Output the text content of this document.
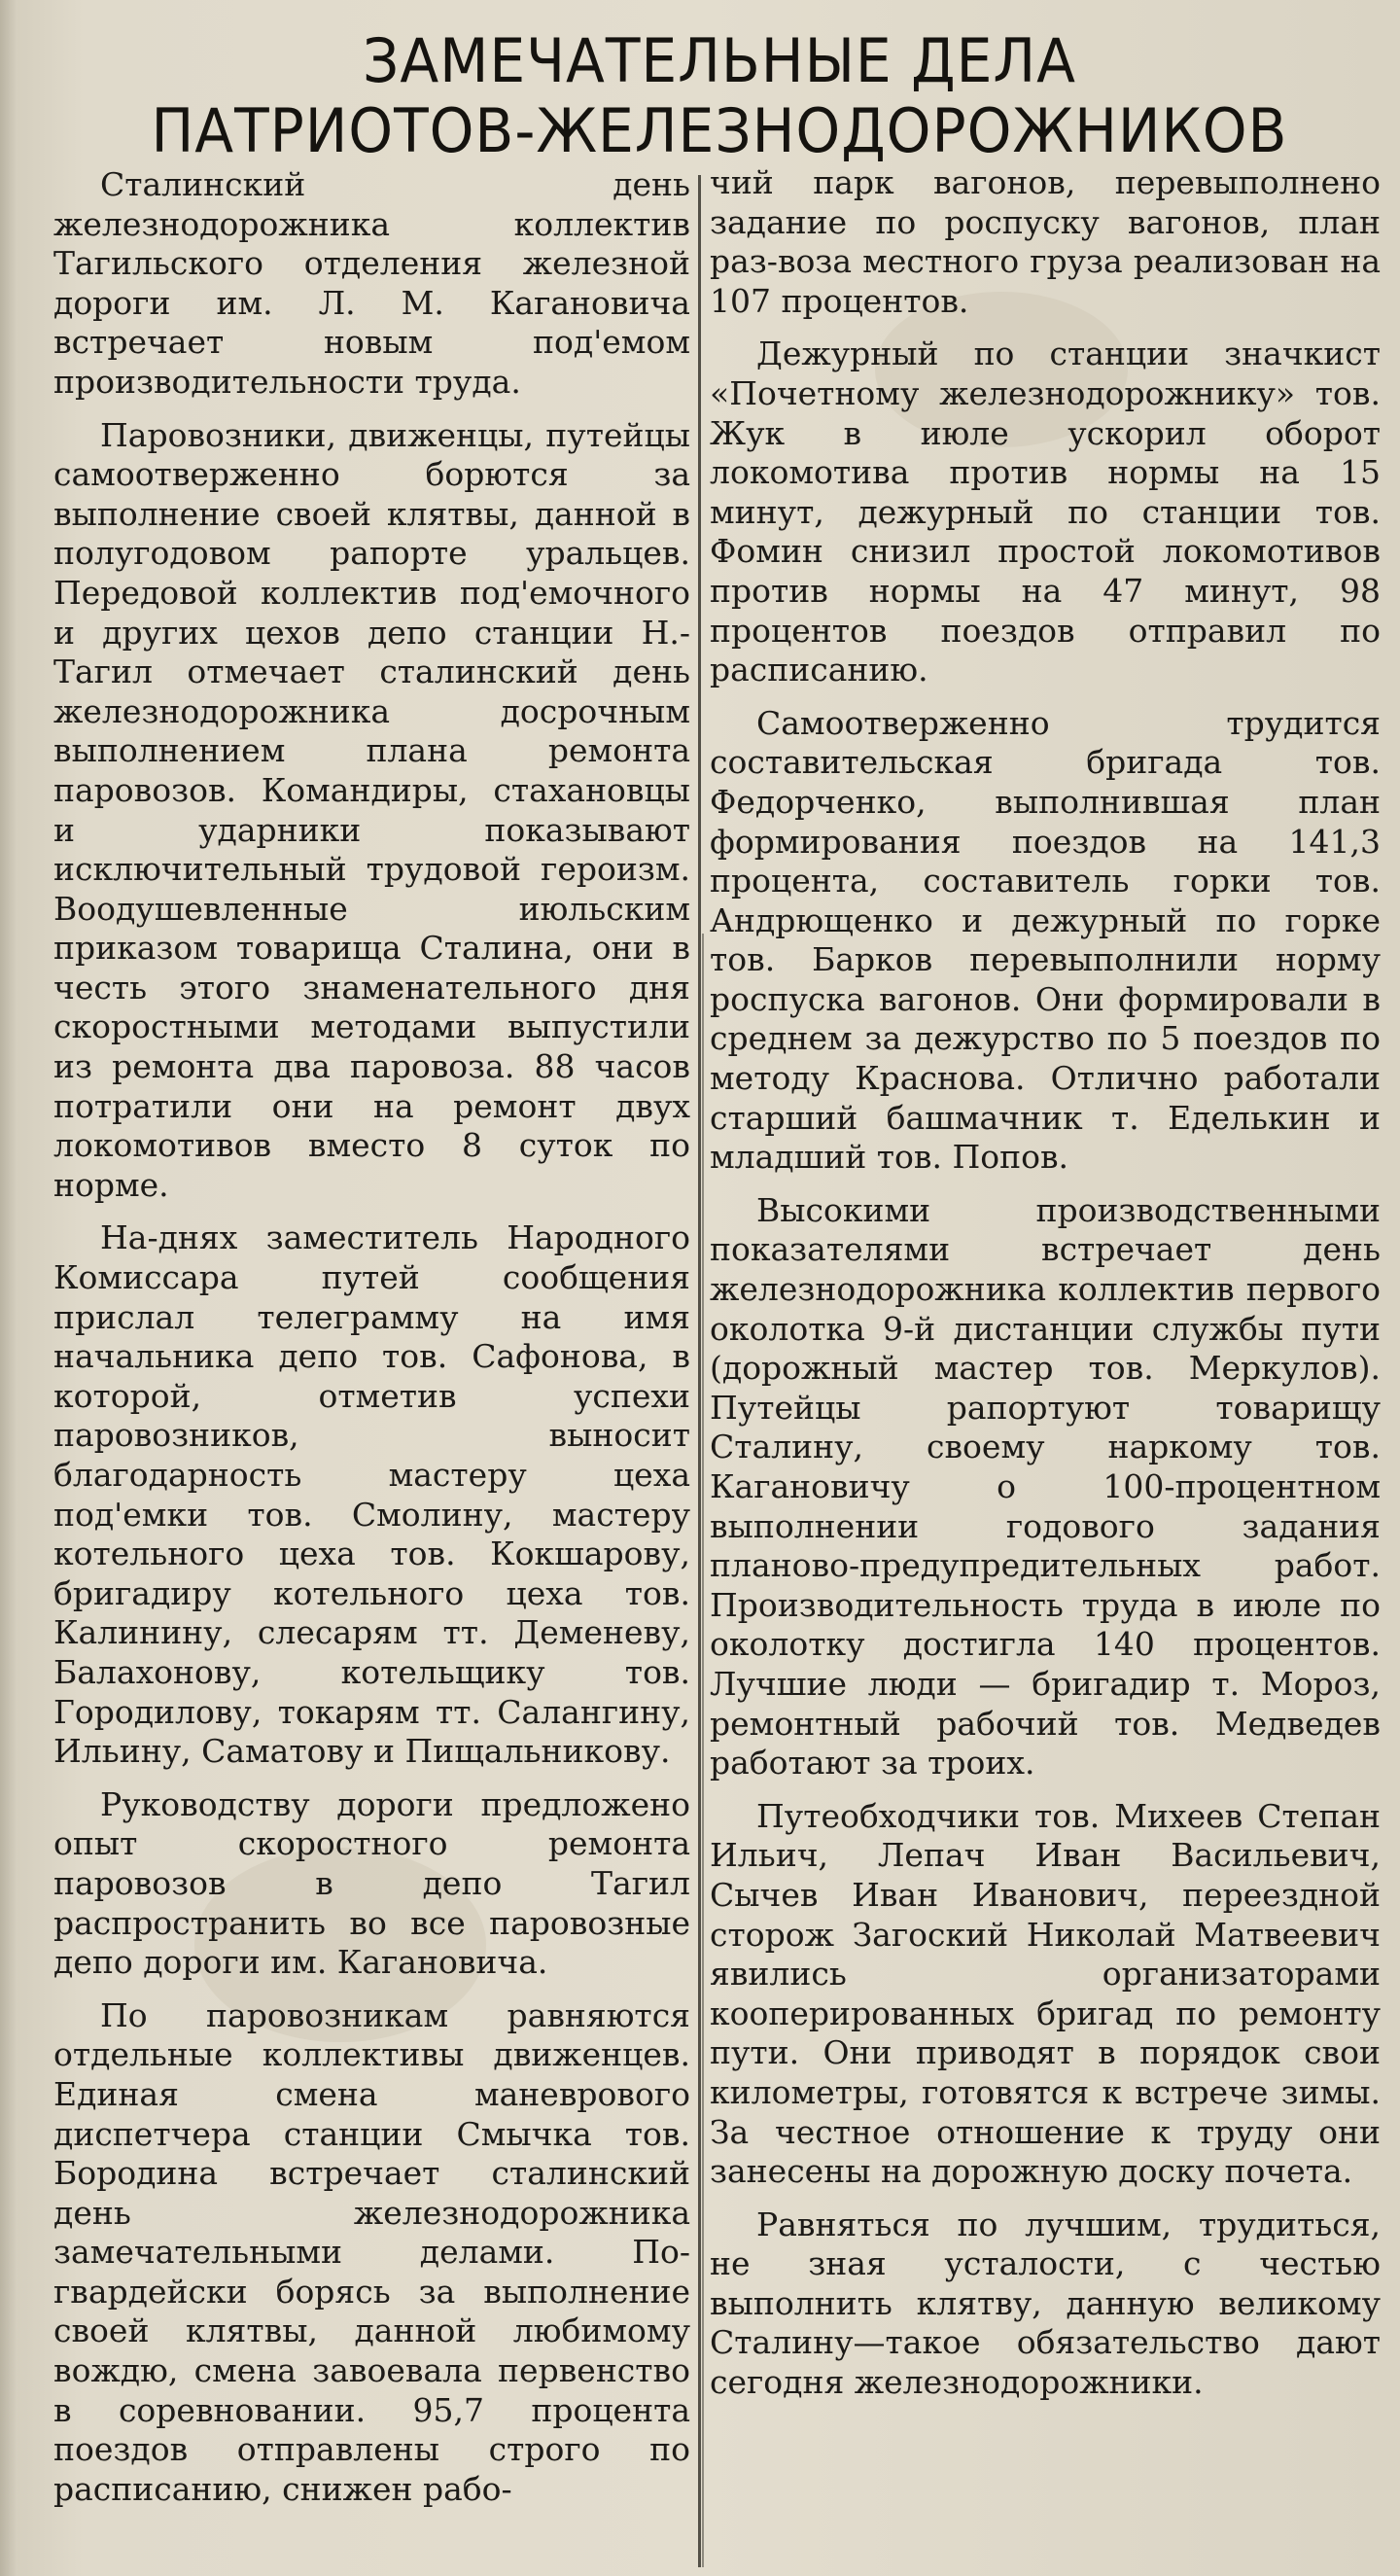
ЗАМЕЧАТЕЛЬНЫЕ ДЕЛА
ПАТРИОТОВ-ЖЕЛЕЗНОДОРОЖНИКОВ

Сталинский день железнодорожника коллектив Тагильского отделения железной дороги им. Л. М. Кагановича встречает новым под'емом производительности труда.

Паровозники, движенцы, путейцы самоотверженно борются за выполнение своей клятвы, данной в полугодовом рапорте уральцев. Передовой коллектив под'емочного и других цехов депо станции Н.-Тагил отмечает сталинский день железнодорожника досрочным выполнением плана ремонта паровозов. Командиры, стахановцы и ударники показывают исключительный трудовой героизм. Воодушевленные июльским приказом товарища Сталина, они в честь этого знаменательного дня скоростными методами выпустили из ремонта два паровоза. 88 часов потратили они на ремонт двух локомотивов вместо 8 суток по норме.

На-днях заместитель Народного Комиссара путей сообщения прислал телеграмму на имя начальника депо тов. Сафонова, в которой, отметив успехи паровозников, выносит благодарность мастеру цеха под'емки тов. Смолину, мастеру котельного цеха тов. Кокшарову, бригадиру котельного цеха тов. Калинину, слесарям тт. Деменеву, Балахонову, котельщику тов. Городилову, токарям тт. Салангину, Ильину, Саматову и Пищальникову.

Руководству дороги предложено опыт скоростного ремонта паровозов в депо Тагил распространить во все паровозные депо дороги им. Кагановича.

По паровозникам равняются отдельные коллективы движенцев. Единая смена маневрового диспетчера станции Смычка тов. Бородина встречает сталинский день железнодорожника замечательными делами. По-гвардейски борясь за выполнение своей клятвы, данной любимому вождю, смена завоевала первенство в соревновании. 95,7 процента поездов отправлены строго по расписанию, снижен рабо-

чий парк вагонов, перевыполнено задание по роспуску вагонов, план раз-воза местного груза реализован на 107 процентов.

Дежурный по станции значкист «Почетному железнодорожнику» тов. Жук в июле ускорил оборот локомотива против нормы на 15 минут, дежурный по станции тов. Фомин снизил простой локомотивов против нормы на 47 минут, 98 процентов поездов отправил по расписанию.

Самоотверженно трудится составительская бригада тов. Федорченко, выполнившая план формирования поездов на 141,3 процента, составитель горки тов. Андрющенко и дежурный по горке тов. Барков перевыполнили норму роспуска вагонов. Они формировали в среднем за дежурство по 5 поездов по методу Краснова. Отлично работали старший башмачник т. Еделькин и младший тов. Попов.

Высокими производственными показателями встречает день железнодорожника коллектив первого околотка 9-й дистанции службы пути (дорожный мастер тов. Меркулов). Путейцы рапортуют товарищу Сталину, своему наркому тов. Кагановичу о 100-процентном выполнении годового задания планово-предупредительных работ. Производительность труда в июле по околотку достигла 140 процентов. Лучшие люди — бригадир т. Мороз, ремонтный рабочий тов. Медведев работают за троих.

Путеобходчики тов. Михеев Степан Ильич, Лепач Иван Васильевич, Сычев Иван Иванович, переездной сторож Загоский Николай Матвеевич явились организаторами кооперированных бригад по ремонту пути. Они приводят в порядок свои километры, готовятся к встрече зимы. За честное отношение к труду они занесены на дорожную доску почета.

Равняться по лучшим, трудиться, не зная усталости, с честью выполнить клятву, данную великому Сталину—такое обязательство дают сегодня железнодорожники.
